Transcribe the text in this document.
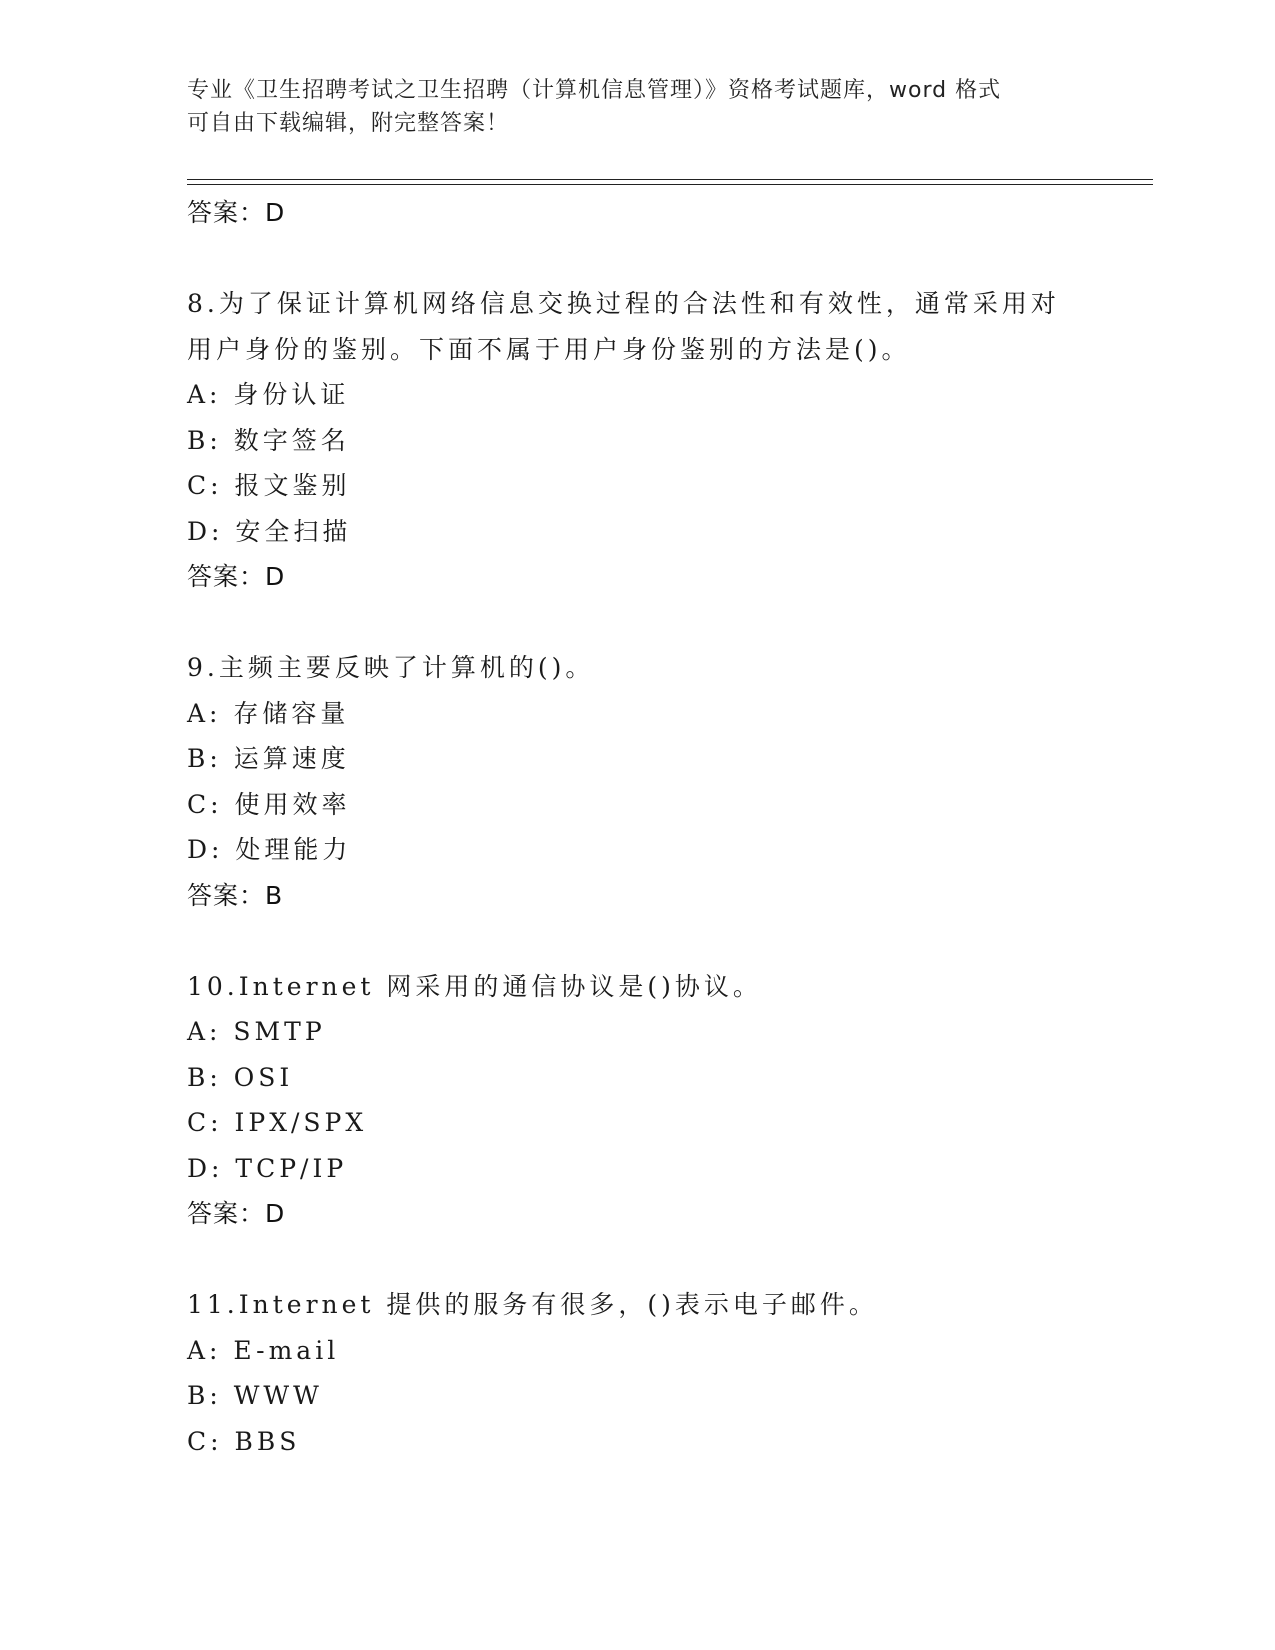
专业《卫生招聘考试之卫生招聘（计算机信息管理）》资格考试题库，word 格式
可自由下载编辑，附完整答案！
答案：D
8.为了保证计算机网络信息交换过程的合法性和有效性，通常采用对
用户身份的鉴别。下面不属于用户身份鉴别的方法是()。
A: 身份认证
B: 数字签名
C: 报文鉴别
D: 安全扫描
答案：D
9.主频主要反映了计算机的()。
A: 存储容量
B: 运算速度
C: 使用效率
D: 处理能力
答案：B
10.Internet 网采用的通信协议是()协议。
A: SMTP
B: OSI
C: IPX/SPX
D: TCP/IP
答案：D
11.Internet 提供的服务有很多，()表示电子邮件。
A: E-mail
B: WWW
C: BBS
